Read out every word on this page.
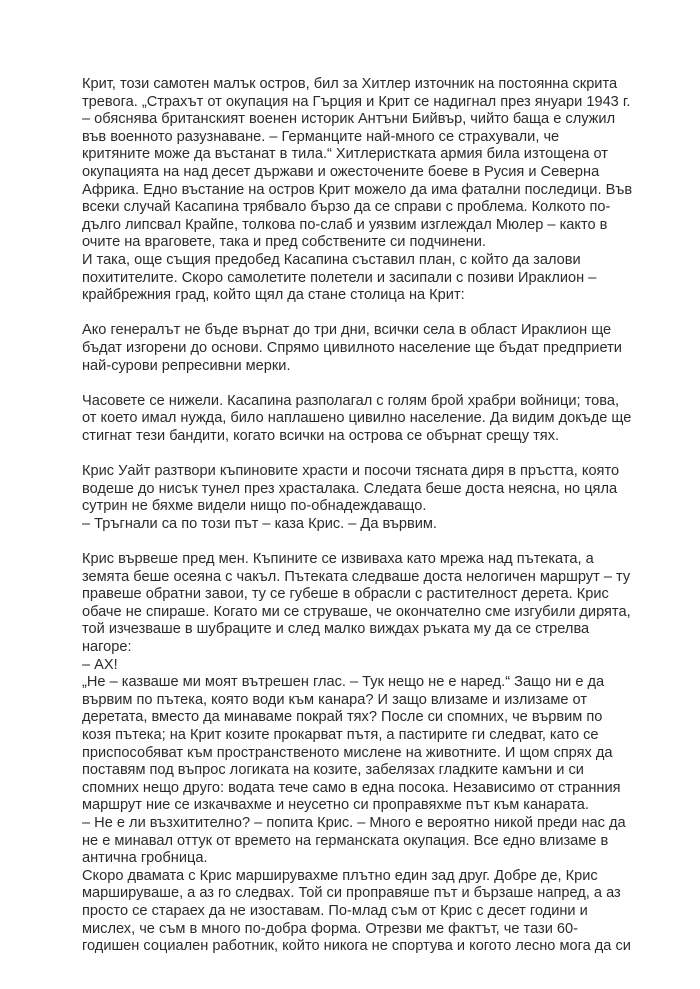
Крит, този самотен малък остров, бил за Хитлер източник на постоянна скрита
тревога. „Страхът от окупация на Гърция и Крит се надигнал през януари 1943 г.
– обяснява британският военен историк Антъни Бийвър, чийто баща е служил
във военното разузнаване. – Германците най-много се страхували, че
критяните може да въстанат в тила.“ Хитлеристката армия била изтощена от
окупацията на над десет държави и ожесточените боеве в Русия и Северна
Африка. Едно въстание на остров Крит можело да има фатални последици. Във
всеки случай Касапина трябвало бързо да се справи с проблема. Колкото по-
дълго липсвал Крайпе, толкова по-слаб и уязвим изглеждал Мюлер – както в
очите на враговете, така и пред собствените си подчинени.
И така, още същия предобед Касапина съставил план, с който да залови
похитителите. Скоро самолетите полетели и засипали с позиви Ираклион –
крайбрежния град, който щял да стане столица на Крит:
Ако генералът не бъде върнат до три дни, всички села в област Ираклион ще
бъдат изгорени до основи. Спрямо цивилното население ще бъдат предприети
най-сурови репресивни мерки.
Часовете се нижели. Касапина разполагал с голям брой храбри войници; това,
от което имал нужда, било наплашено цивилно население. Да видим докъде ще
стигнат тези бандити, когато всички на острова се обърнат срещу тях.
Крис Уайт разтвори къпиновите храсти и посочи тясната диря в пръстта, която
водеше до нисък тунел през храсталака. Следата беше доста неясна, но цяла
сутрин не бяхме видели нищо по-обнадеждаващо.
– Тръгнали са по този път – каза Крис. – Да вървим.
Крис вървеше пред мен. Къпините се извиваха като мрежа над пътеката, а
земята беше осеяна с чакъл. Пътеката следваше доста нелогичен маршрут – ту
правеше обратни завои, ту се губеше в обрасли с растителност дерета. Крис
обаче не спираше. Когато ми се струваше, че окончателно сме изгубили дирята,
той изчезваше в шубраците и след малко виждах ръката му да се стрелва
нагоре:
– АХ!
„Не – казваше ми моят вътрешен глас. – Тук нещо не е наред.“ Защо ни е да
вървим по пътека, която води към канара? И защо влизаме и излизаме от
деретата, вместо да минаваме покрай тях? После си спомних, че вървим по
козя пътека; на Крит козите прокарват пътя, а пастирите ги следват, като се
приспособяват към пространственото мислене на животните. И щом спрях да
поставям под въпрос логиката на козите, забелязах гладките камъни и си
спомних нещо друго: водата тече само в една посока. Независимо от странния
маршрут ние се изкачвахме и неусетно си проправяхме път към канарата.
– Не е ли възхитително? – попита Крис. – Много е вероятно никой преди нас да
не е минавал оттук от времето на германската окупация. Все едно влизаме в
антична гробница.
Скоро двамата с Крис марширувахме плътно един зад друг. Добре де, Крис
марширувaше, а аз го следвах. Той си проправяше път и бързаше напред, а аз
просто се стараех да не изоставам. По-млад съм от Крис с десет години и
мислех, че съм в много по-добра форма. Отрезви ме фактът, че тази 60-
годишен социален работник, който никога не спортува и когото лесно мога да си
